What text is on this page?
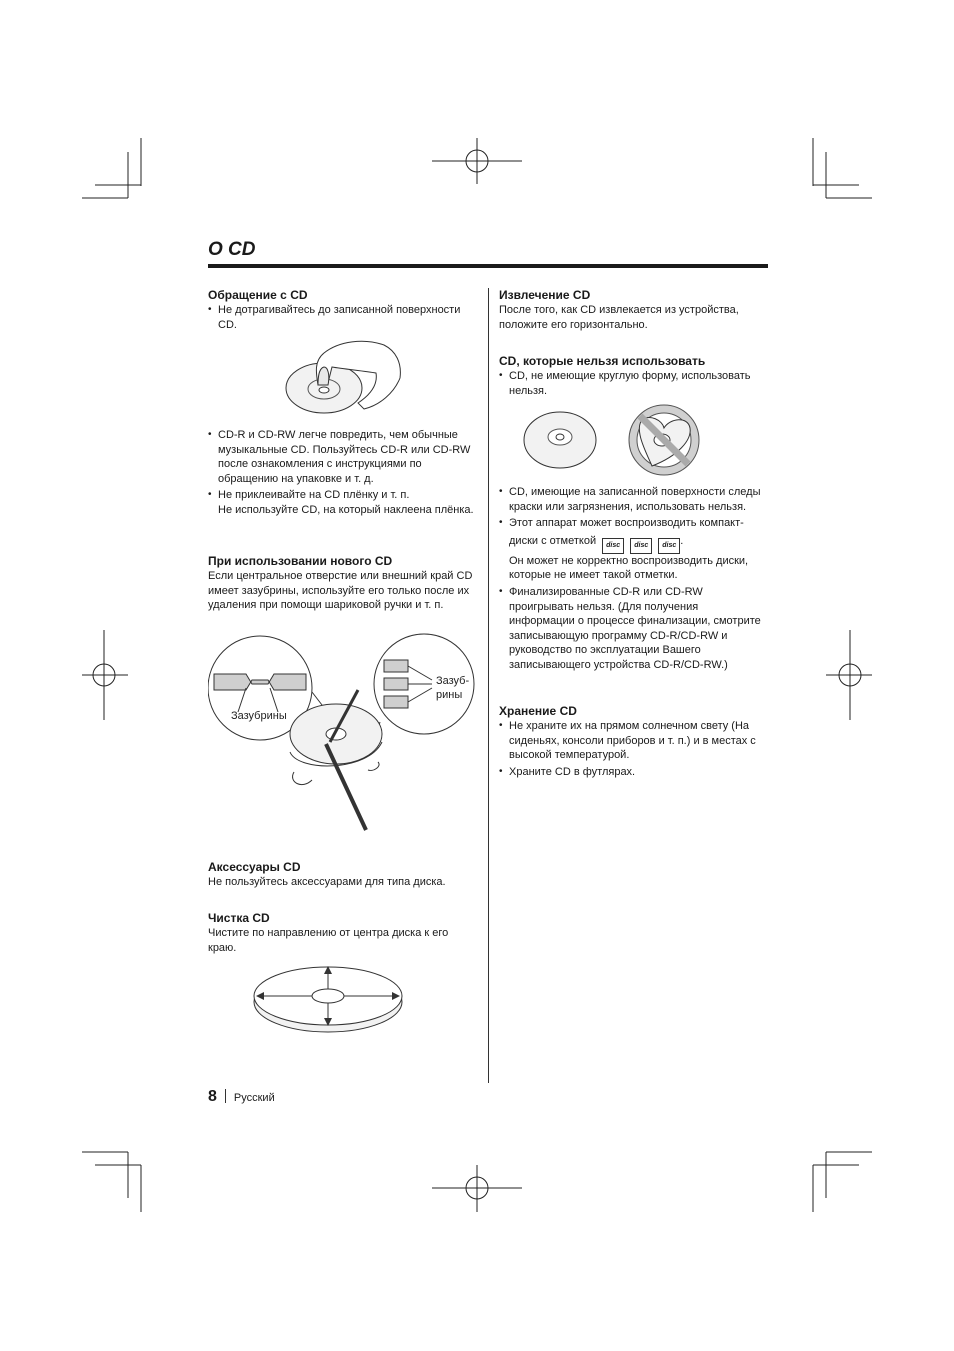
О CD
Обращение с CD
• Не дотрагивайтесь до записанной поверхности CD.
• CD-R и CD-RW легче повредить, чем обычные музыкальные CD. Пользуйтесь CD-R или CD-RW после ознакомления с инструкциями по обращению на упаковке и т. д.
• Не приклеивайте на CD плёнку и т. п.
Не используйте CD, на который наклеена плёнка.
При использовании нового CD

Если центральное отверстие или внешний край CD имеет зазубрины, используйте его только после их удаления при помощи шариковой ручки и т. п.

Зазубрины
Зазуб-
рины
Аксессуары CD

Не пользуйтесь аксессуарами для типа диска.

Чистка CD

Чистите по направлению от центра диска к его краю.

Извлечение CD

После того, как CD извлекается из устройства, положите его горизонтально.

CD, которые нельзя использовать
• CD, не имеющие круглую форму, использовать нельзя.
• CD, имеющие на записанной поверхности следы краски или загрязнения, использовать нельзя.
• Этот аппарат может воспроизводить компакт-
диски с отметкой disc disc disc .
Он может не корректно воспроизводить диски, которые не имеет такой отметки.
• Финализированные CD-R или CD-RW проигрывать нельзя. (Для получения информации о процессе финализации, смотрите записывающую программу CD-R/CD-RW и руководство по эксплуатации Вашего записывающего устройства CD-R/CD-RW.)
Хранение CD
• Не храните их на прямом солнечном свету (На сиденьях, консоли приборов и т. п.) и в местах с высокой температурой.
• Храните CD в футлярах.
8 Русский
